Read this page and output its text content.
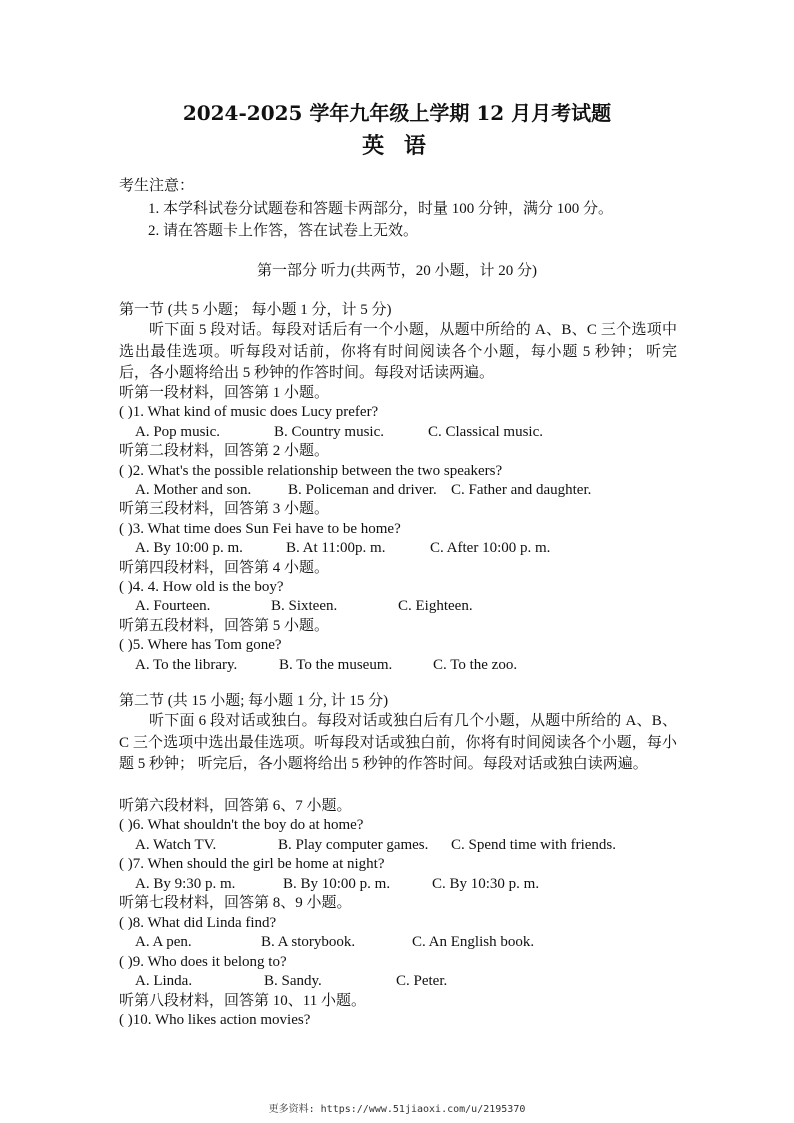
2024-2025 学年九年级上学期 12 月月考试题
英 语
考生注意：
1. 本学科试卷分试题卷和答题卡两部分，时量 100 分钟，满分 100 分。
2. 请在答题卡上作答，答在试卷上无效。
第一部分 听力(共两节，20 小题，计 20 分)
第一节 (共 5 小题； 每小题 1 分，计 5 分)
听下面 5 段对话。每段对话后有一个小题，从题中所给的 A、B、C 三个选项中选出最佳选项。听每段对话前，你将有时间阅读各个小题，每小题 5 秒钟； 听完后，各小题将给出 5 秒钟的作答时间。每段对话读两遍。
听第一段材料，回答第 1 小题。
( )1. What kind of music does Lucy prefer?
A. Pop music.	B. Country music.	C. Classical music.
听第二段材料，回答第 2 小题。
( )2. What's the possible relationship between the two speakers?
A. Mother and son. B. Policeman and driver. C. Father and daughter.
听第三段材料，回答第 3 小题。
( )3. What time does Sun Fei have to be home?
A. By 10:00 p. m.	B. At 11:00p. m.	C. After 10:00 p. m.
听第四段材料，回答第 4 小题。
( )4. 4. How old is the boy?
A. Fourteen.	B. Sixteen.	C. Eighteen.
听第五段材料，回答第 5 小题。
( )5. Where has Tom gone?
A. To the library.	B. To the museum.	C. To the zoo.
第二节 (共 15 小题; 每小题 1 分, 计 15 分)
听下面 6 段对话或独白。每段对话或独白后有几个小题，从题中所给的 A、B、C 三个选项中选出最佳选项。听每段对话或独白前，你将有时间阅读各个小题，每小题 5 秒钟； 听完后，各小题将给出 5 秒钟的作答时间。每段对话或独白读两遍。
听第六段材料，回答第 6、7 小题。
( )6. What shouldn't the boy do at home?
A. Watch TV.	B. Play computer games. C. Spend time with friends.
( )7. When should the girl be home at night?
A. By 9:30 p. m.	B. By 10:00 p. m.	C. By 10:30 p. m.
听第七段材料，回答第 8、9 小题。
( )8. What did Linda find?
A. A pen.	B. A storybook.	C. An English book.
( )9. Who does it belong to?
A. Linda.	B. Sandy.	C. Peter.
听第八段材料，回答第 10、11 小题。
( )10. Who likes action movies?
更多资料: https://www.51jiaoxi.com/u/2195370
